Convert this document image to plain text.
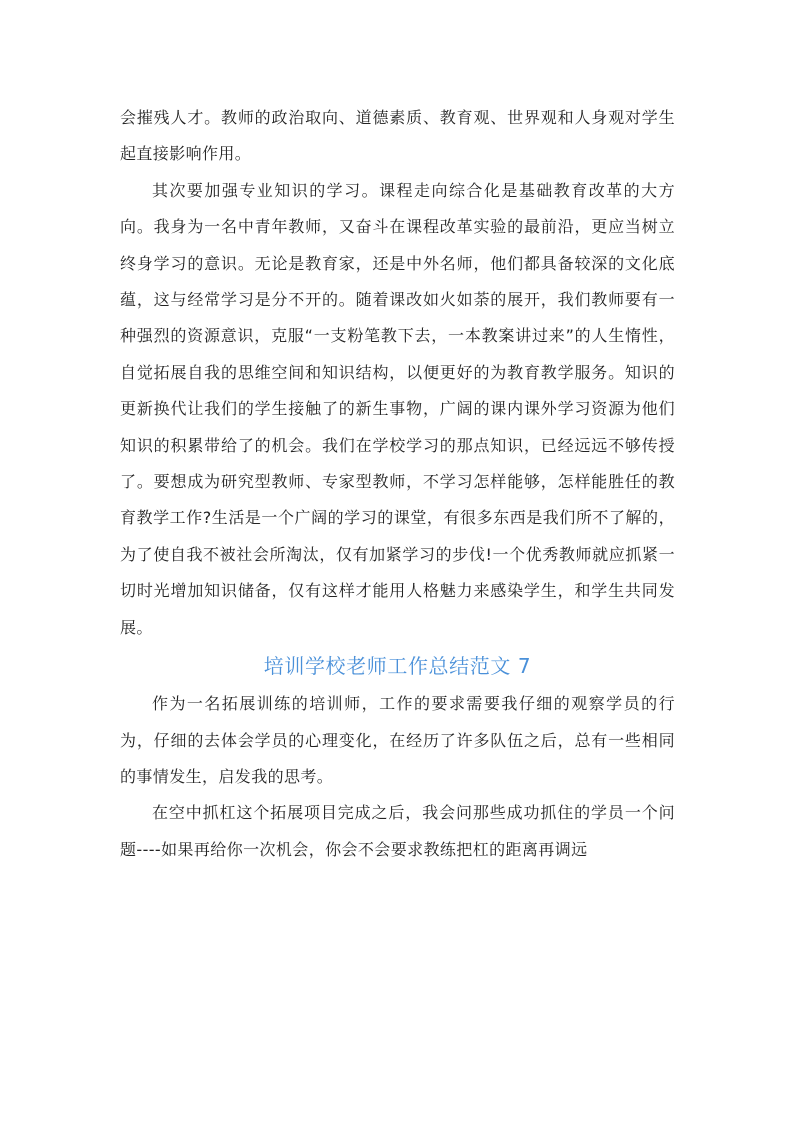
会摧残人才。教师的政治取向、道德素质、教育观、世界观和人身观对学生起直接影响作用。

其次要加强专业知识的学习。课程走向综合化是基础教育改革的大方向。我身为一名中青年教师，又奋斗在课程改革实验的最前沿，更应当树立终身学习的意识。无论是教育家，还是中外名师，他们都具备较深的文化底蕴，这与经常学习是分不开的。随着课改如火如荼的展开，我们教师要有一种强烈的资源意识，克服“一支粉笔教下去，一本教案讲过来”的人生惰性，自觉拓展自我的思维空间和知识结构，以便更好的为教育教学服务。知识的更新换代让我们的学生接触了的新生事物，广阔的课内课外学习资源为他们知识的积累带给了的机会。我们在学校学习的那点知识，已经远远不够传授了。要想成为研究型教师、专家型教师，不学习怎样能够，怎样能胜任的教育教学工作?生活是一个广阔的学习的课堂，有很多东西是我们所不了解的，为了使自我不被社会所淘汰，仅有加紧学习的步伐!一个优秀教师就应抓紧一切时光增加知识储备，仅有这样才能用人格魅力来感染学生，和学生共同发展。

培训学校老师工作总结范文 7

作为一名拓展训练的培训师，工作的要求需要我仔细的观察学员的行为，仔细的去体会学员的心理变化，在经历了许多队伍之后，总有一些相同的事情发生，启发我的思考。

在空中抓杠这个拓展项目完成之后，我会问那些成功抓住的学员一个问题----如果再给你一次机会，你会不会要求教练把杠的距离再调远
